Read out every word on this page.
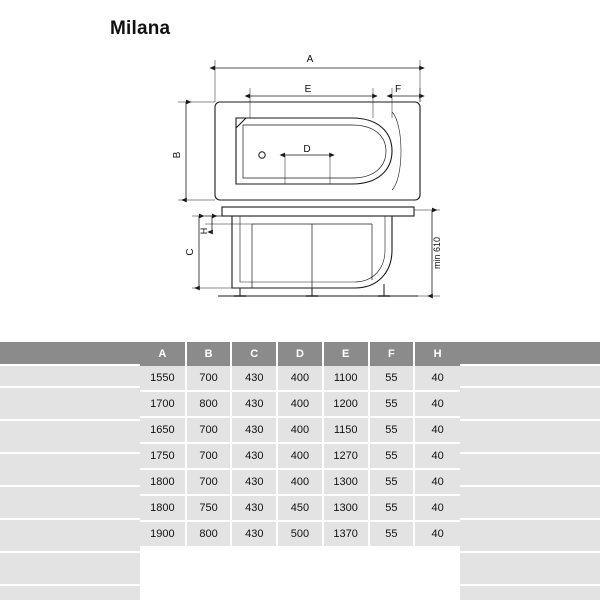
Milana
A
E	F
B	D
C
H
min 610
A	B	C	D	E	F	H
1550	700	430	400	1100	55	40
1700	800	430	400	1200	55	40
1650	700	430	400	1150	55	40
1750	700	430	400	1270	55	40
1800	700	430	400	1300	55	40
1800	750	430	450	1300	55	40
1900	800	430	500	1370	55	40
